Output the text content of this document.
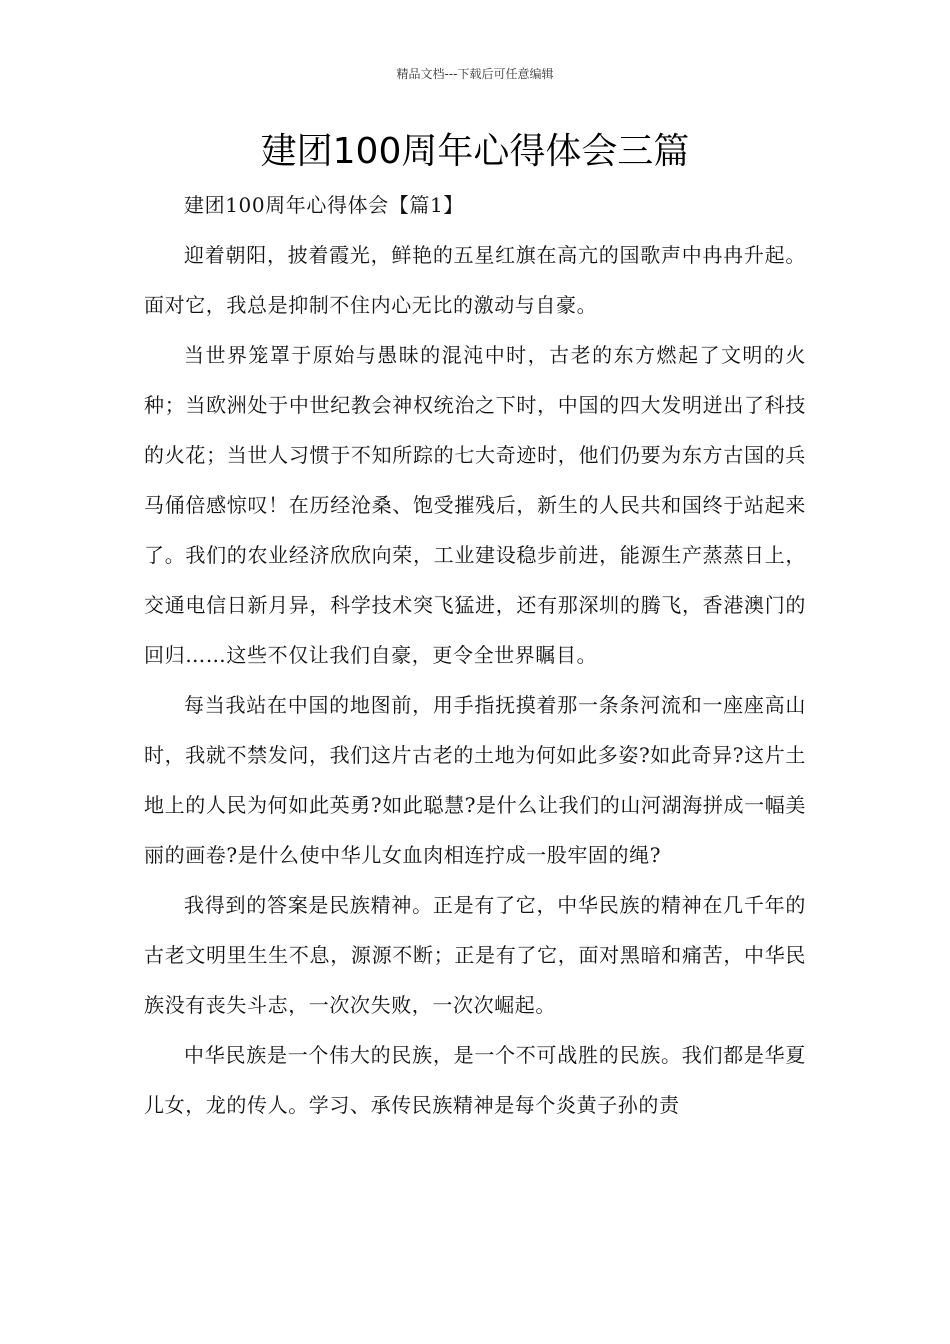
精品文档---下载后可任意编辑
建团100周年心得体会三篇

建团100周年心得体会【篇1】

迎着朝阳，披着霞光，鲜艳的五星红旗在高亢的国歌声中冉冉升起。面对它，我总是抑制不住内心无比的激动与自豪。

当世界笼罩于原始与愚昧的混沌中时，古老的东方燃起了文明的火种；当欧洲处于中世纪教会神权统治之下时，中国的四大发明迸出了科技的火花；当世人习惯于不知所踪的七大奇迹时，他们仍要为东方古国的兵马俑倍感惊叹！在历经沧桑、饱受摧残后，新生的人民共和国终于站起来了。我们的农业经济欣欣向荣，工业建设稳步前进，能源生产蒸蒸日上，交通电信日新月异，科学技术突飞猛进，还有那深圳的腾飞，香港澳门的回归……这些不仅让我们自豪，更令全世界瞩目。

每当我站在中国的地图前，用手指抚摸着那一条条河流和一座座高山时，我就不禁发问，我们这片古老的土地为何如此多姿?如此奇异?这片土地上的人民为何如此英勇?如此聪慧?是什么让我们的山河湖海拼成一幅美丽的画卷?是什么使中华儿女血肉相连拧成一股牢固的绳?

我得到的答案是民族精神。正是有了它，中华民族的精神在几千年的古老文明里生生不息，源源不断；正是有了它，面对黑暗和痛苦，中华民族没有丧失斗志，一次次失败，一次次崛起。

中华民族是一个伟大的民族，是一个不可战胜的民族。我们都是华夏儿女，龙的传人。学习、承传民族精神是每个炎黄子孙的责
